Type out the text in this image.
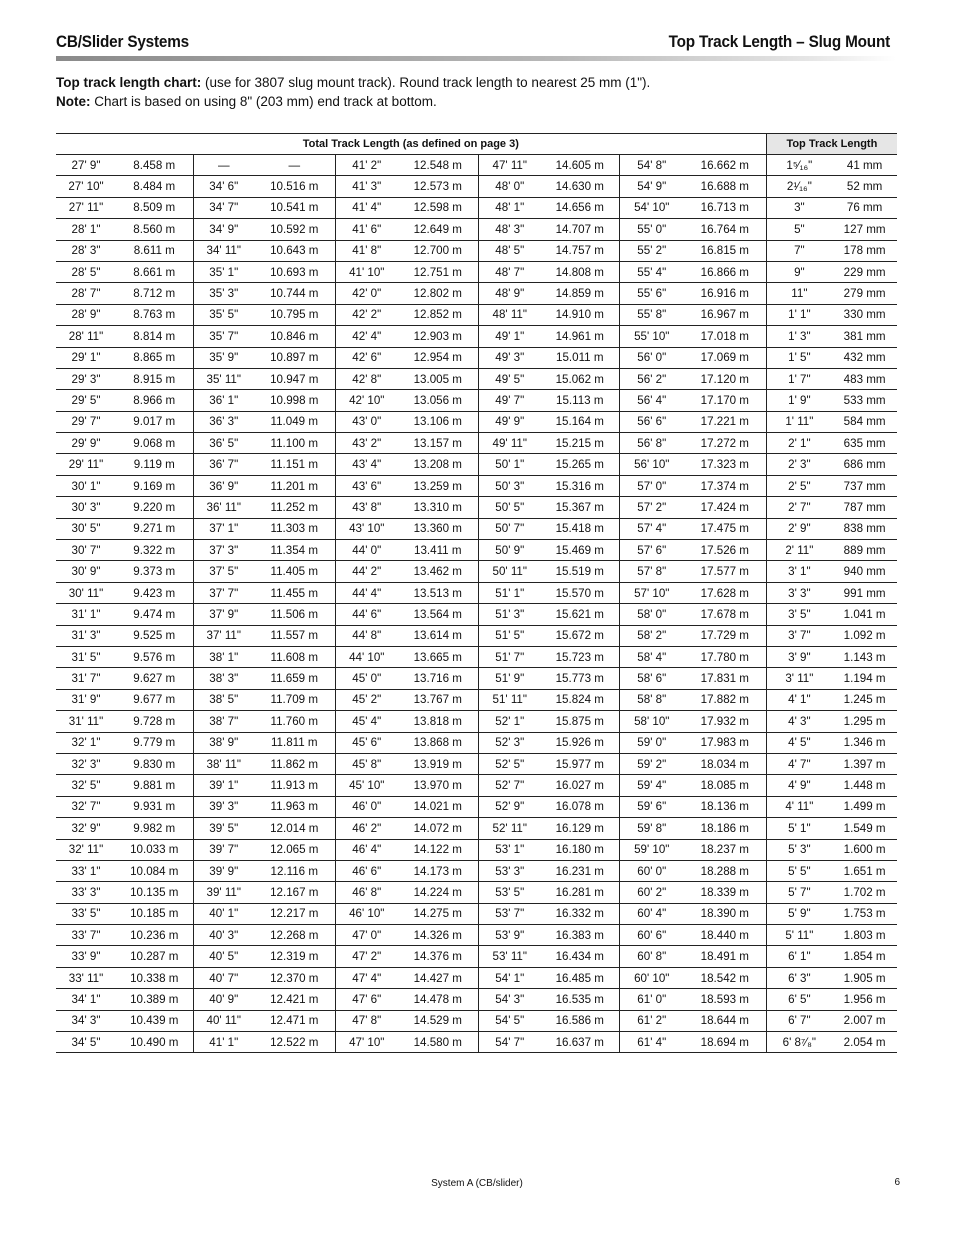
CB/Slider Systems	Top Track Length – Slug Mount
Top track length chart: (use for 3807 slug mount track). Round track length to nearest 25 mm (1").
Note: Chart is based on using 8" (203 mm) end track at bottom.
Total Track Length (as defined on page 3)										Top Track Length	
27' 9"	8.458 m	—	—	41' 2"	12.548 m	47' 11"	14.605 m	54' 8"	16.662 m	1⁵⁄₁₆"	41 mm
27' 10"	8.484 m	34' 6"	10.516 m	41' 3"	12.573 m	48' 0"	14.630 m	54' 9"	16.688 m	2¹⁄₁₆"	52 mm
27' 11"	8.509 m	34' 7"	10.541 m	41' 4"	12.598 m	48' 1"	14.656 m	54' 10"	16.713 m	3"	76 mm
28' 1"	8.560 m	34' 9"	10.592 m	41' 6"	12.649 m	48' 3"	14.707 m	55' 0"	16.764 m	5"	127 mm
28' 3"	8.611 m	34' 11"	10.643 m	41' 8"	12.700 m	48' 5"	14.757 m	55' 2"	16.815 m	7"	178 mm
28' 5"	8.661 m	35' 1"	10.693 m	41' 10"	12.751 m	48' 7"	14.808 m	55' 4"	16.866 m	9"	229 mm
28' 7"	8.712 m	35' 3"	10.744 m	42' 0"	12.802 m	48' 9"	14.859 m	55' 6"	16.916 m	11"	279 mm
28' 9"	8.763 m	35' 5"	10.795 m	42' 2"	12.852 m	48' 11"	14.910 m	55' 8"	16.967 m	1' 1"	330 mm
28' 11"	8.814 m	35' 7"	10.846 m	42' 4"	12.903 m	49' 1"	14.961 m	55' 10"	17.018 m	1' 3"	381 mm
29' 1"	8.865 m	35' 9"	10.897 m	42' 6"	12.954 m	49' 3"	15.011 m	56' 0"	17.069 m	1' 5"	432 mm
29' 3"	8.915 m	35' 11"	10.947 m	42' 8"	13.005 m	49' 5"	15.062 m	56' 2"	17.120 m	1' 7"	483 mm
29' 5"	8.966 m	36' 1"	10.998 m	42' 10"	13.056 m	49' 7"	15.113 m	56' 4"	17.170 m	1' 9"	533 mm
29' 7"	9.017 m	36' 3"	11.049 m	43' 0"	13.106 m	49' 9"	15.164 m	56' 6"	17.221 m	1' 11"	584 mm
29' 9"	9.068 m	36' 5"	11.100 m	43' 2"	13.157 m	49' 11"	15.215 m	56' 8"	17.272 m	2' 1"	635 mm
29' 11"	9.119 m	36' 7"	11.151 m	43' 4"	13.208 m	50' 1"	15.265 m	56' 10"	17.323 m	2' 3"	686 mm
30' 1"	9.169 m	36' 9"	11.201 m	43' 6"	13.259 m	50' 3"	15.316 m	57' 0"	17.374 m	2' 5"	737 mm
30' 3"	9.220 m	36' 11"	11.252 m	43' 8"	13.310 m	50' 5"	15.367 m	57' 2"	17.424 m	2' 7"	787 mm
30' 5"	9.271 m	37' 1"	11.303 m	43' 10"	13.360 m	50' 7"	15.418 m	57' 4"	17.475 m	2' 9"	838 mm
30' 7"	9.322 m	37' 3"	11.354 m	44' 0"	13.411 m	50' 9"	15.469 m	57' 6"	17.526 m	2' 11"	889 mm
30' 9"	9.373 m	37' 5"	11.405 m	44' 2"	13.462 m	50' 11"	15.519 m	57' 8"	17.577 m	3' 1"	940 mm
30' 11"	9.423 m	37' 7"	11.455 m	44' 4"	13.513 m	51' 1"	15.570 m	57' 10"	17.628 m	3' 3"	991 mm
31' 1"	9.474 m	37' 9"	11.506 m	44' 6"	13.564 m	51' 3"	15.621 m	58' 0"	17.678 m	3' 5"	1.041 m
31' 3"	9.525 m	37' 11"	11.557 m	44' 8"	13.614 m	51' 5"	15.672 m	58' 2"	17.729 m	3' 7"	1.092 m
31' 5"	9.576 m	38' 1"	11.608 m	44' 10"	13.665 m	51' 7"	15.723 m	58' 4"	17.780 m	3' 9"	1.143 m
31' 7"	9.627 m	38' 3"	11.659 m	45' 0"	13.716 m	51' 9"	15.773 m	58' 6"	17.831 m	3' 11"	1.194 m
31' 9"	9.677 m	38' 5"	11.709 m	45' 2"	13.767 m	51' 11"	15.824 m	58' 8"	17.882 m	4' 1"	1.245 m
31' 11"	9.728 m	38' 7"	11.760 m	45' 4"	13.818 m	52' 1"	15.875 m	58' 10"	17.932 m	4' 3"	1.295 m
32' 1"	9.779 m	38' 9"	11.811 m	45' 6"	13.868 m	52' 3"	15.926 m	59' 0"	17.983 m	4' 5"	1.346 m
32' 3"	9.830 m	38' 11"	11.862 m	45' 8"	13.919 m	52' 5"	15.977 m	59' 2"	18.034 m	4' 7"	1.397 m
32' 5"	9.881 m	39' 1"	11.913 m	45' 10"	13.970 m	52' 7"	16.027 m	59' 4"	18.085 m	4' 9"	1.448 m
32' 7"	9.931 m	39' 3"	11.963 m	46' 0"	14.021 m	52' 9"	16.078 m	59' 6"	18.136 m	4' 11"	1.499 m
32' 9"	9.982 m	39' 5"	12.014 m	46' 2"	14.072 m	52' 11"	16.129 m	59' 8"	18.186 m	5' 1"	1.549 m
32' 11"	10.033 m	39' 7"	12.065 m	46' 4"	14.122 m	53' 1"	16.180 m	59' 10"	18.237 m	5' 3"	1.600 m
33' 1"	10.084 m	39' 9"	12.116 m	46' 6"	14.173 m	53' 3"	16.231 m	60' 0"	18.288 m	5' 5"	1.651 m
33' 3"	10.135 m	39' 11"	12.167 m	46' 8"	14.224 m	53' 5"	16.281 m	60' 2"	18.339 m	5' 7"	1.702 m
33' 5"	10.185 m	40' 1"	12.217 m	46' 10"	14.275 m	53' 7"	16.332 m	60' 4"	18.390 m	5' 9"	1.753 m
33' 7"	10.236 m	40' 3"	12.268 m	47' 0"	14.326 m	53' 9"	16.383 m	60' 6"	18.440 m	5' 11"	1.803 m
33' 9"	10.287 m	40' 5"	12.319 m	47' 2"	14.376 m	53' 11"	16.434 m	60' 8"	18.491 m	6' 1"	1.854 m
33' 11"	10.338 m	40' 7"	12.370 m	47' 4"	14.427 m	54' 1"	16.485 m	60' 10"	18.542 m	6' 3"	1.905 m
34' 1"	10.389 m	40' 9"	12.421 m	47' 6"	14.478 m	54' 3"	16.535 m	61' 0"	18.593 m	6' 5"	1.956 m
34' 3"	10.439 m	40' 11"	12.471 m	47' 8"	14.529 m	54' 5"	16.586 m	61' 2"	18.644 m	6' 7"	2.007 m
34' 5"	10.490 m	41' 1"	12.522 m	47' 10"	14.580 m	54' 7"	16.637 m	61' 4"	18.694 m	6' 8⁷⁄₈"	2.054 m
System A (CB/slider)	6
